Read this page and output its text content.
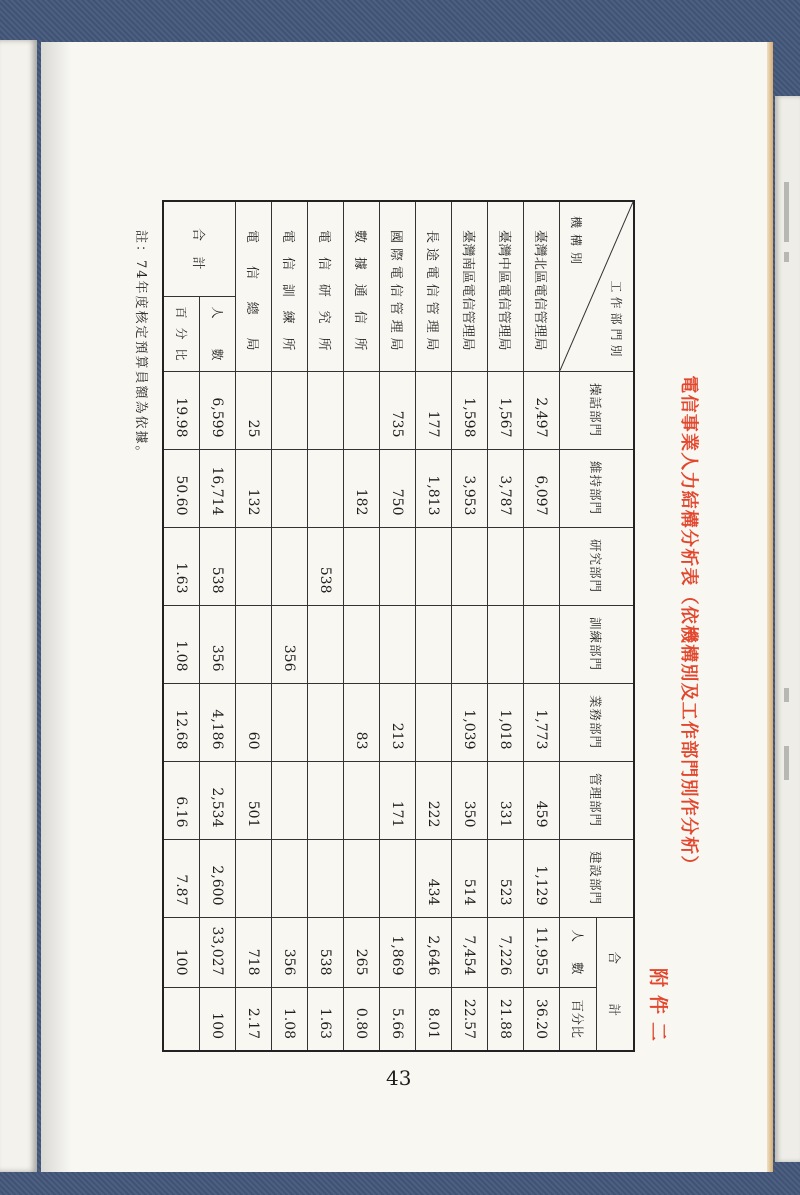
電信事業人力結構分析表（依機構別及工作部門別作分析）
附件二
工作部門別
機構別		操話部門	維持部門	研究部門	訓練部門	業務部門	管理部門	建設部門	合計	
									人數	百分比
臺灣北區電信管理局		2,497	6,097			1,773	459	1,129	11,955	36.20
臺灣中區電信管理局		1,567	3,787			1,018	331	523	7,226	21.88
臺灣南區電信管理局		1,598	3,953			1,039	350	514	7,454	22.57
長途電信管理局		177	1,813				222	434	2,646	8.01
國際電信管理局		735	750			213	171		1,869	5.66
數據通信所			182			83			265	0.80
電信研究所				538					538	1.63
電信訓練所					356				356	1.08
電信總局		25	132			60	501		718	2.17
合計	人數	6,599	16,714	538	356	4,186	2,534	2,600	33,027	100
	百分比	19.98	50.60	1.63	1.08	12.68	6.16	7.87	100	
註：74年度核定預算員額為依據。
43
